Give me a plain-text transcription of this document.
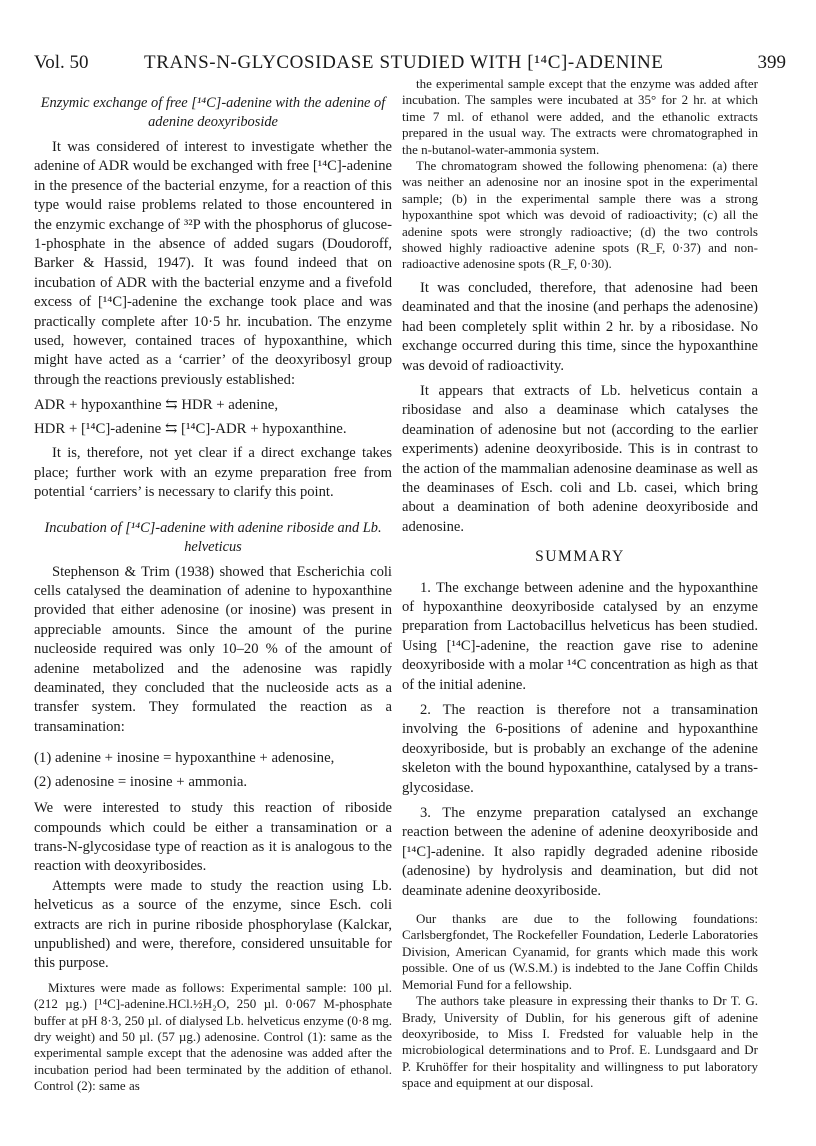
Vol. 50	TRANS-N-GLYCOSIDASE STUDIED WITH [¹⁴C]-ADENINE	399
Enzymic exchange of free [¹⁴C]-adenine with the adenine of adenine deoxyriboside

It was considered of interest to investigate whether the adenine of ADR would be exchanged with free [¹⁴C]-adenine in the presence of the bacterial enzyme, for a reaction of this type would raise problems related to those encountered in the enzymic exchange of ³²P with the phosphorus of glucose-1-phosphate in the absence of added sugars (Doudoroff, Barker & Hassid, 1947). It was found indeed that on incubation of ADR with the bacterial enzyme and a fivefold excess of [¹⁴C]-adenine the exchange took place and was practically complete after 10·5 hr. incubation. The enzyme used, however, contained traces of hypoxanthine, which might have acted as a ‘carrier’ of the deoxyribosyl group through the reactions previously established:

ADR + hypoxanthine ⇆ HDR + adenine,
HDR + [¹⁴C]-adenine ⇆ [¹⁴C]-ADR + hypoxanthine.

It is, therefore, not yet clear if a direct exchange takes place; further work with an ezyme preparation free from potential ‘carriers’ is necessary to clarify this point.

Incubation of [¹⁴C]-adenine with adenine riboside and Lb. helveticus

Stephenson & Trim (1938) showed that Escherichia coli cells catalysed the deamination of adenine to hypoxanthine provided that either adenosine (or inosine) was present in appreciable amounts. Since the amount of the purine nucleoside required was only 10–20 % of the amount of adenine metabolized and the adenosine was rapidly deaminated, they concluded that the nucleoside acts as a transfer system. They formulated the reaction as a transamination:

(1) adenine + inosine = hypoxanthine + adenosine,
(2) adenosine = inosine + ammonia.

We were interested to study this reaction of riboside compounds which could be either a transamination or a trans-N-glycosidase type of reaction as it is analogous to the reaction with deoxyribosides.

Attempts were made to study the reaction using Lb. helveticus as a source of the enzyme, since Esch. coli extracts are rich in purine riboside phosphorylase (Kalckar, unpublished) and were, therefore, considered unsuitable for this purpose.

Mixtures were made as follows: Experimental sample: 100 µl. (212 µg.) [¹⁴C]-adenine.HCl.½H₂O, 250 µl. 0·067 M-phosphate buffer at pH 8·3, 250 µl. of dialysed Lb. helveticus enzyme (0·8 mg. dry weight) and 50 µl. (57 µg.) adenosine. Control (1): same as the experimental sample except that the adenosine was added after the incubation period had been terminated by the addition of ethanol. Control (2): same as

the experimental sample except that the enzyme was added after incubation. The samples were incubated at 35° for 2 hr. at which time 7 ml. of ethanol were added, and the ethanolic extracts prepared in the usual way. The extracts were chromatographed in the n-butanol-water-ammonia system.

The chromatogram showed the following phenomena: (a) there was neither an adenosine nor an inosine spot in the experimental sample; (b) in the experimental sample there was a strong hypoxanthine spot which was devoid of radioactivity; (c) all the adenine spots were strongly radioactive; (d) the two controls showed highly radioactive adenine spots (R_F, 0·37) and non-radioactive adenosine spots (R_F, 0·30).

It was concluded, therefore, that adenosine had been deaminated and that the inosine (and perhaps the adenosine) had been completely split within 2 hr. by a ribosidase. No exchange occurred during this time, since the hypoxanthine was devoid of radioactivity.

It appears that extracts of Lb. helveticus contain a ribosidase and also a deaminase which catalyses the deamination of adenosine but not (according to the earlier experiments) adenine deoxyriboside. This is in contrast to the action of the mammalian adenosine deaminase as well as the deaminases of Esch. coli and Lb. casei, which bring about a deamination of both adenine deoxyriboside and adenosine.

SUMMARY

1. The exchange between adenine and the hypoxanthine of hypoxanthine deoxyriboside catalysed by an enzyme preparation from Lactobacillus helveticus has been studied. Using [¹⁴C]-adenine, the reaction gave rise to adenine deoxyriboside with a molar ¹⁴C concentration as high as that of the initial adenine.

2. The reaction is therefore not a transamination involving the 6-positions of adenine and hypoxanthine deoxyriboside, but is probably an exchange of the adenine skeleton with the bound hypoxanthine, catalysed by a trans-glycosidase.

3. The enzyme preparation catalysed an exchange reaction between the adenine of adenine deoxyriboside and [¹⁴C]-adenine. It also rapidly degraded adenine riboside (adenosine) by hydrolysis and deamination, but did not deaminate adenine deoxyriboside.

Our thanks are due to the following foundations: Carlsbergfondet, The Rockefeller Foundation, Lederle Laboratories Division, American Cyanamid, for grants which made this work possible. One of us (W.S.M.) is indebted to the Jane Coffin Childs Memorial Fund for a fellowship.

The authors take pleasure in expressing their thanks to Dr T. G. Brady, University of Dublin, for his generous gift of adenine deoxyriboside, to Miss I. Fredsted for valuable help in the microbiological determinations and to Prof. E. Lundsgaard and Dr P. Kruhöffer for their hospitality and willingness to put laboratory space and equipment at our disposal.
